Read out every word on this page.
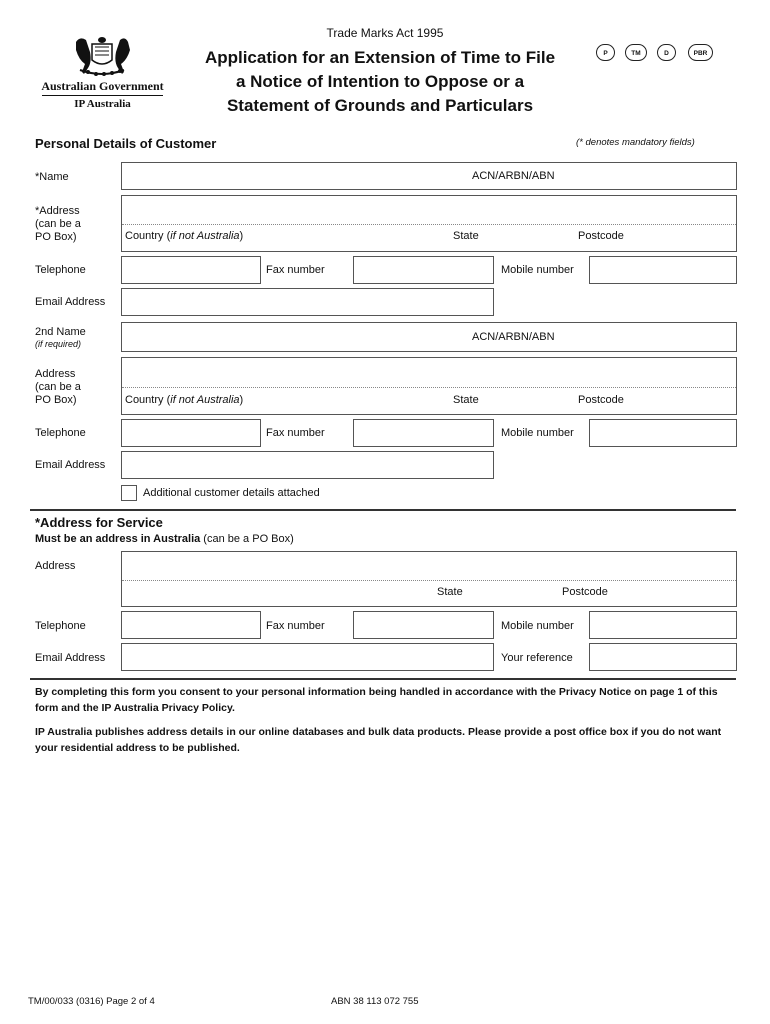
Australian Government
IP Australia
Trade Marks Act 1995
Application for an Extension of Time to File
a Notice of Intention to Oppose or a
Statement of Grounds and Particulars
P	TM	D	PBR
Personal Details of Customer	(* denotes mandatory fields)
*Name	ACN/ARBN/ABN
*Address
(can be a
PO Box)	Country (if not Australia)	State	Postcode
Telephone	Fax number	Mobile number
Email Address
2nd Name
(if required)
ACN/ARBN/ABN
Address
(can be a
PO Box)	Country (if not Australia)	State	Postcode
Telephone	Fax number	Mobile number
Email Address
Additional customer details attached
*Address for Service
Must be an address in Australia (can be a PO Box)
Address
State	Postcode
Telephone	Fax number	Mobile number
Email Address	Your reference
By completing this form you consent to your personal information being handled in accordance with the Privacy Notice on page 1 of this form and the IP Australia Privacy Policy.
IP Australia publishes address details in our online databases and bulk data products. Please provide a post office box if you do not want your residential address to be published.
TM/00/033 (0316) Page 2 of 4	ABN 38 113 072 755
